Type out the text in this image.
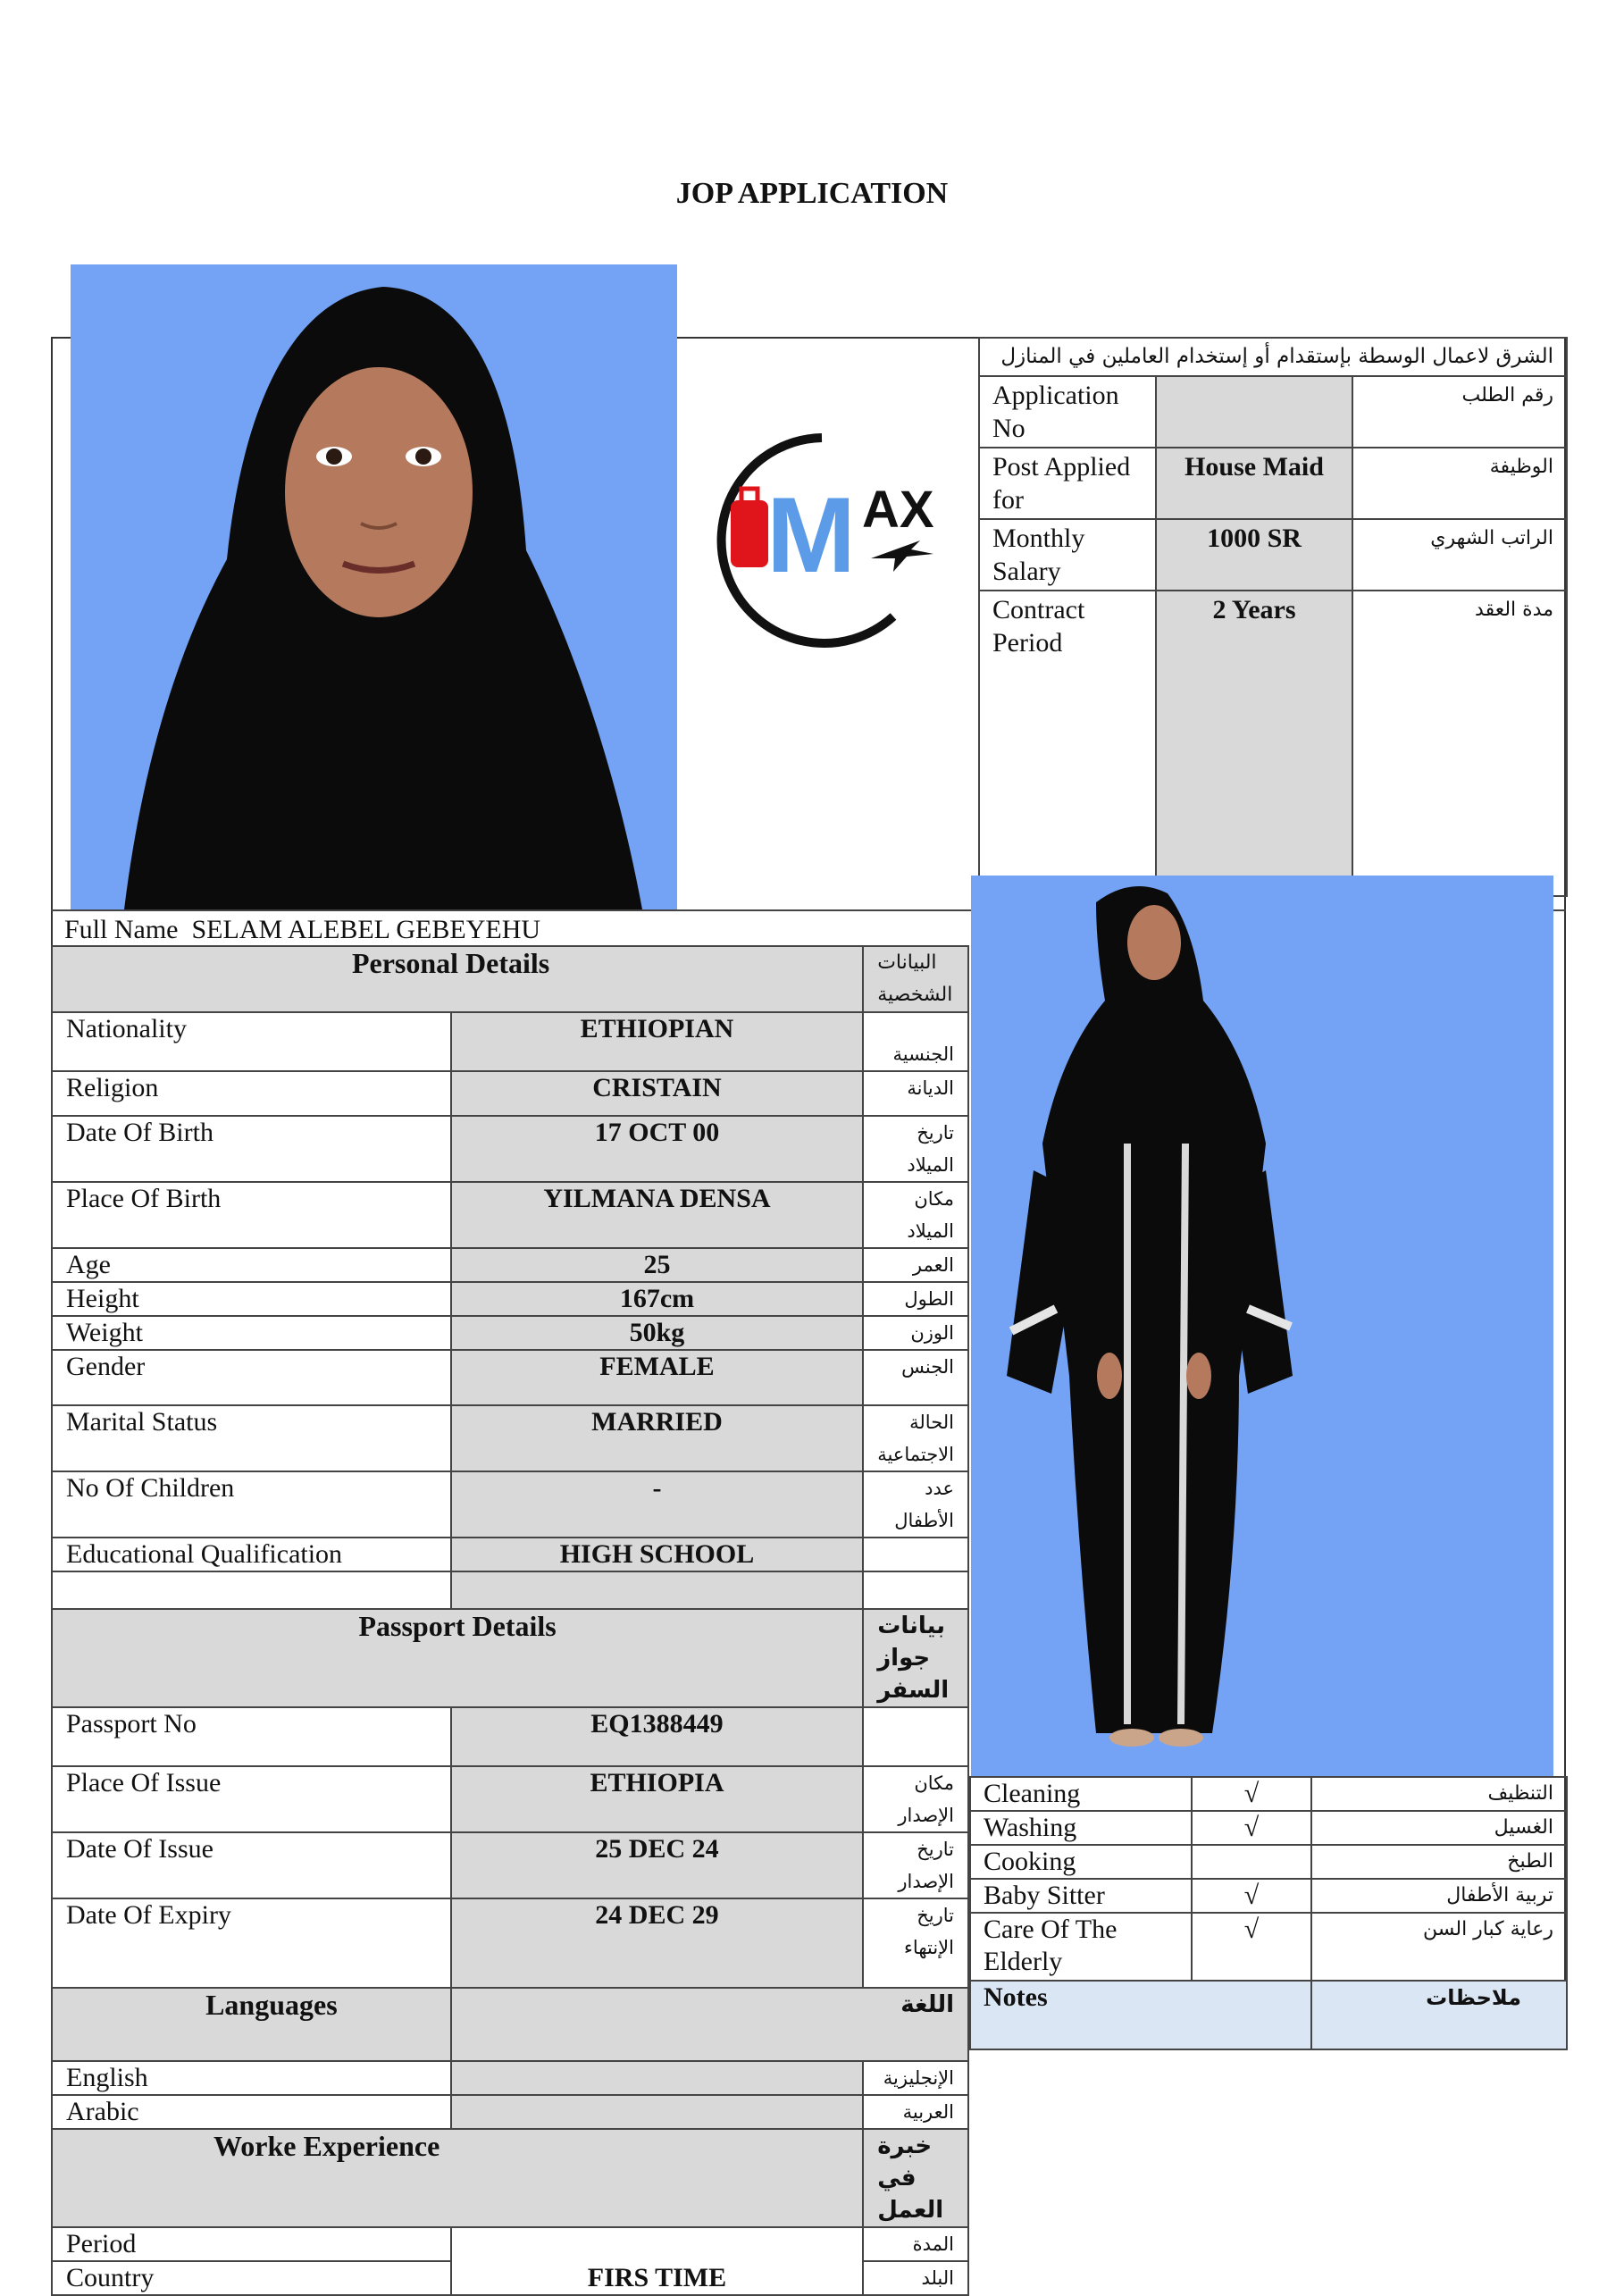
JOP APPLICATION
الشرق لاعمال الوسطة بإستقدام أو إستخدام العاملين في المنازل		
Application No		رقم الطلب
Post Applied for	House Maid	الوظيفة
Monthly Salary	1000 SR	الراتب الشهري
Contract Period	2 Years	مدة العقد
M AX
Full Name SELAM ALEBEL GEBEYEHU
Personal Details		البيانات الشخصية

Nationality	ETHIOPIAN	الجنسية
Religion	CRISTAIN	الديانة
Date Of Birth	17 OCT 00	تاريخ الميلاد
Place Of Birth	YILMANA DENSA	مكان الميلاد
Age	25	العمر
Height	167cm	الطول
Weight	50kg	الوزن
Gender	FEMALE	الجنس
Marital Status	MARRIED	الحالة الاجتماعية
No Of Children	-	عدد الأطفال
Educational Qualification	HIGH SCHOOL	

Passport Details		بيانات جواز السفر

Passport No	EQ1388449	
Place Of Issue	ETHIOPIA	مكان الإصدار
Date Of Issue	25 DEC 24	تاريخ الإصدار
Date Of Expiry	24 DEC 29	تاريخ الإنتهاء
Languages	اللغة	

English		الإنجليزية
Arabic		العربية
Worke Experience		خبرة في العمل

Period	FIRS TIME	المدة
Country		البلد
Cleaning	√	التنظيف
Washing	√	الغسيل
Cooking		الطبخ
Baby Sitter	√	تربية الأطفال
Care Of The Elderly	√	رعاية كبار السن
Notes		ملاحظات
